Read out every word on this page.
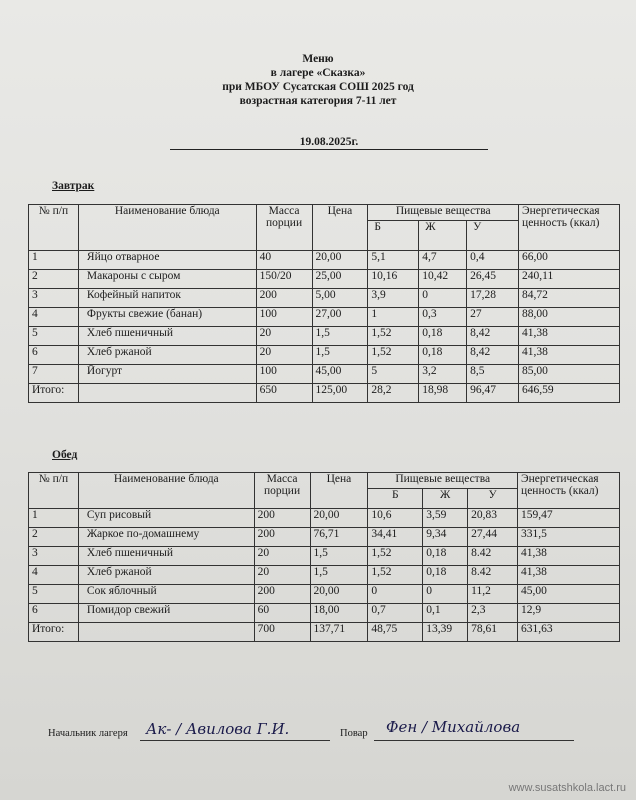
Меню
в лагере «Сказка»
при МБОУ Сусатская СОШ 2025 год
возрастная категория 7-11 лет
19.08.2025г.
Завтрак
№ п/п	Наименование блюда	Масса
порции	Цена	Пищевые вещества			Энергетическая
ценность (ккал)
				Б	Ж	У	
1	Яйцо отварное	40	20,00	5,1	4,7	0,4	66,00
2	Макароны с сыром	150/20	25,00	10,16	10,42	26,45	240,11
3	Кофейный напиток	200	5,00	3,9	0	17,28	84,72
4	Фрукты свежие (банан)	100	27,00	1	0,3	27	88,00
5	Хлеб пшеничный	20	1,5	1,52	0,18	8,42	41,38
6	Хлеб ржаной	20	1,5	1,52	0,18	8,42	41,38
7	Йогурт	100	45,00	5	3,2	8,5	85,00
Итого:		650	125,00	28,2	18,98	96,47	646,59
Обед
№ п/п	Наименование блюда	Масса
порции	Цена	Пищевые вещества			Энергетическая
ценность (ккал)
				Б	Ж	У	
1	Суп рисовый	200	20,00	10,6	3,59	20,83	159,47
2	Жаркое по-домашнему	200	76,71	34,41	9,34	27,44	331,5
3	Хлеб пшеничный	20	1,5	1,52	0,18	8.42	41,38
4	Хлеб ржаной	20	1,5	1,52	0,18	8.42	41,38
5	Сок яблочный	200	20,00	0	0	11,2	45,00
6	Помидор свежий	60	18,00	0,7	0,1	2,3	12,9
Итого:		700	137,71	48,75	13,39	78,61	631,63
Начальник лагеря Ак- / Авилова Г.И.	Повар Фен / Михайлова
www.susatshkola.lact.ru
